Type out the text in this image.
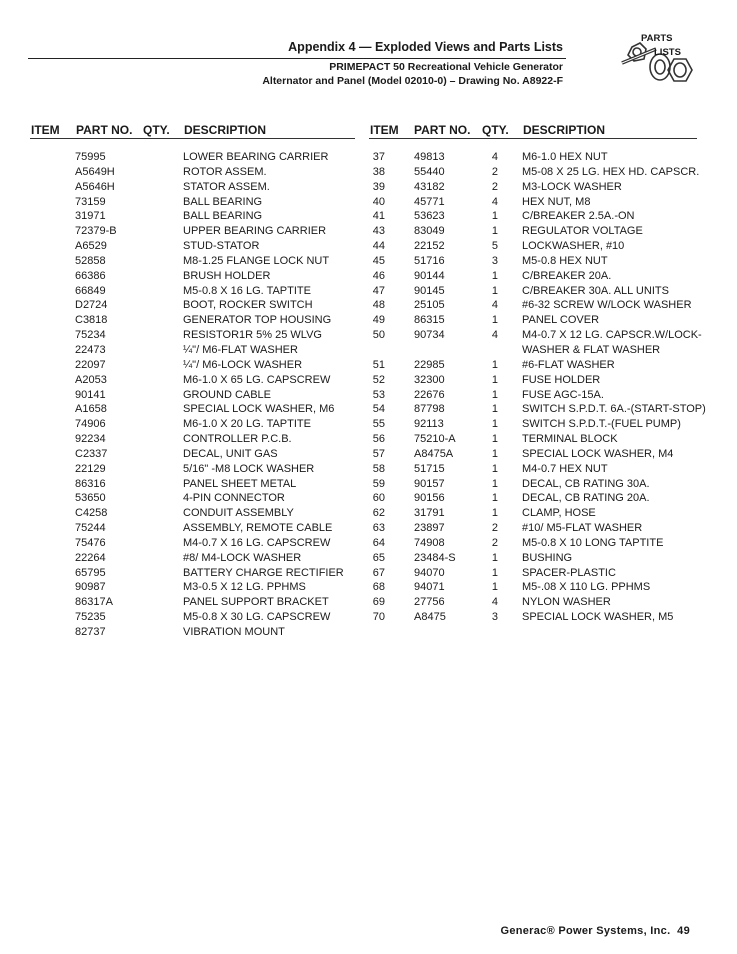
Appendix 4 — Exploded Views and Parts Lists
PRIMEPACT 50 Recreational Vehicle Generator
Alternator and Panel (Model 02010-0) – Drawing No. A8922-F
PARTS
LISTS
ITEM PART NO. QTY. DESCRIPTION	ITEM PART NO. QTY. DESCRIPTION
75995	LOWER BEARING CARRIER
A5649H	ROTOR ASSEM.
A5646H	STATOR ASSEM.
73159	BALL BEARING
31971	BALL BEARING
72379-B	UPPER BEARING CARRIER
A6529	STUD-STATOR
52858	M8-1.25 FLANGE LOCK NUT
66386	BRUSH HOLDER
66849	M5-0.8 X 16 LG. TAPTITE
D2724	BOOT, ROCKER SWITCH
C3818	GENERATOR TOP HOUSING
75234	RESISTOR1R 5% 25 WLVG
22473	¼"/ M6-FLAT WASHER
22097	¼"/ M6-LOCK WASHER
A2053	M6-1.0 X 65 LG. CAPSCREW
90141	GROUND CABLE
A1658	SPECIAL LOCK WASHER, M6
74906	M6-1.0 X 20 LG. TAPTITE
92234	CONTROLLER P.C.B.
C2337	DECAL, UNIT GAS
22129	5/16" -M8 LOCK WASHER
86316	PANEL SHEET METAL
53650	4-PIN CONNECTOR
C4258	CONDUIT ASSEMBLY
75244	ASSEMBLY, REMOTE CABLE
75476	M4-0.7 X 16 LG. CAPSCREW
22264	#8/ M4-LOCK WASHER
65795	BATTERY CHARGE RECTIFIER
90987	M3-0.5 X 12 LG. PPHMS
86317A	PANEL SUPPORT BRACKET
75235	M5-0.8 X 30 LG. CAPSCREW
82737	VIBRATION MOUNT
37	49813	4 M6-1.0 HEX NUT
38	55440	2 M5-08 X 25 LG. HEX HD. CAPSCR.
39	43182	2 M3-LOCK WASHER
40	45771	4 HEX NUT, M8
41	53623	1 C/BREAKER 2.5A.-ON
43	83049	1 REGULATOR VOLTAGE
44	22152	5 LOCKWASHER, #10
45	51716	3 M5-0.8 HEX NUT
46	90144	1 C/BREAKER 20A.
47	90145	1 C/BREAKER 30A. ALL UNITS
48	25105	4 #6-32 SCREW W/LOCK WASHER
49	86315	1 PANEL COVER
50	90734	4 M4-0.7 X 12 LG. CAPSCR.W/LOCK-
WASHER & FLAT WASHER
51	22985	1 #6-FLAT WASHER
52	32300	1 FUSE HOLDER
53	22676	1 FUSE AGC-15A.
54	87798	1 SWITCH S.P.D.T. 6A.-(START-STOP)
55	92113	1 SWITCH S.P.D.T.-(FUEL PUMP)
56	75210-A	1 TERMINAL BLOCK
57	A8475A	1 SPECIAL LOCK WASHER, M4
58	51715	1 M4-0.7 HEX NUT
59	90157	1 DECAL, CB RATING 30A.
60	90156	1 DECAL, CB RATING 20A.
62	31791	1 CLAMP, HOSE
63	23897	2 #10/ M5-FLAT WASHER
64	74908	2 M5-0.8 X 10 LONG TAPTITE
65	23484-S	1 BUSHING
67	94070	1 SPACER-PLASTIC
68	94071	1 M5-.08 X 110 LG. PPHMS
69	27756	4 NYLON WASHER
70	A8475	3 SPECIAL LOCK WASHER, M5
Generac® Power Systems, Inc. 49
